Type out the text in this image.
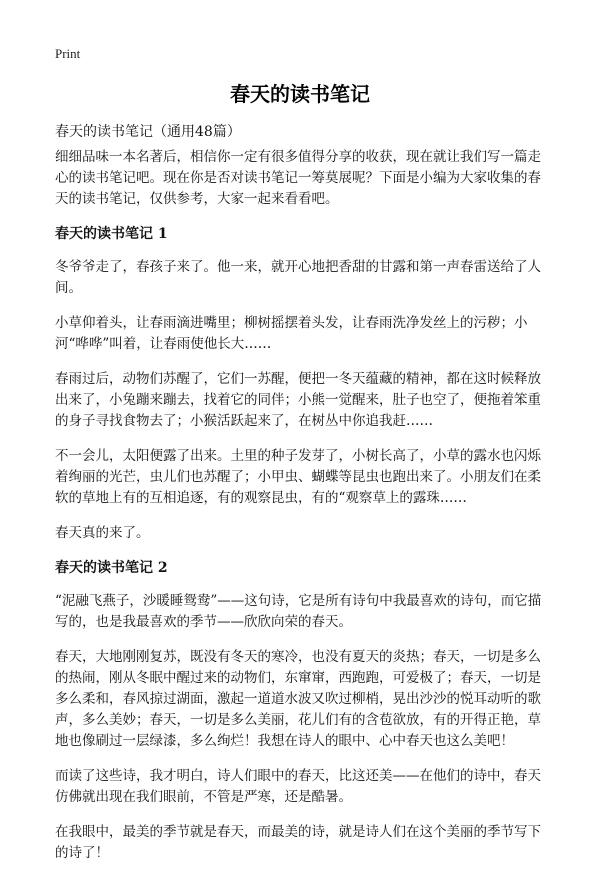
Print
春天的读书笔记
春天的读书笔记（通用48篇）

细细品味一本名著后，相信你一定有很多值得分享的收获，现在就让我们写一篇走心的读书笔记吧。现在你是否对读书笔记一筹莫展呢？下面是小编为大家收集的春天的读书笔记，仅供参考，大家一起来看看吧。

春天的读书笔记 1

冬爷爷走了，春孩子来了。他一来，就开心地把香甜的甘露和第一声春雷送给了人间。

小草仰着头，让春雨滴进嘴里；柳树摇摆着头发，让春雨洗净发丝上的污秽；小河“哗哗”叫着，让春雨使他长大……

春雨过后，动物们苏醒了，它们一苏醒，便把一冬天蕴藏的精神，都在这时候释放出来了，小兔蹦来蹦去，找着它的同伴；小熊一觉醒来，肚子也空了，便拖着笨重的身子寻找食物去了；小猴活跃起来了，在树丛中你追我赶……

不一会儿，太阳便露了出来。土里的种子发芽了，小树长高了，小草的露水也闪烁着绚丽的光芒，虫儿们也苏醒了；小甲虫、蝴蝶等昆虫也跑出来了。小朋友们在柔软的草地上有的互相追逐，有的观察昆虫，有的“观察草上的露珠……

春天真的来了。

春天的读书笔记 2

“泥融飞燕子，沙暖睡鸳鸯”——这句诗，它是所有诗句中我最喜欢的诗句，而它描写的，也是我最喜欢的季节——欣欣向荣的春天。

春天，大地刚刚复苏，既没有冬天的寒冷，也没有夏天的炎热；春天，一切是多么的热闹，刚从冬眠中醒过来的动物们，东窜窜，西跑跑，可爱极了；春天，一切是多么柔和，春风掠过湖面，激起一道道水波又吹过柳梢，晃出沙沙的悦耳动听的歌声，多么美妙；春天，一切是多么美丽，花儿们有的含苞欲放，有的开得正艳，草地也像刷过一层绿漆，多么绚烂！我想在诗人的眼中、心中春天也这么美吧！

而读了这些诗，我才明白，诗人们眼中的春天，比这还美——在他们的诗中，春天仿佛就出现在我们眼前，不管是严寒，还是酷暑。

在我眼中，最美的季节就是春天，而最美的诗，就是诗人们在这个美丽的季节写下的诗了！
